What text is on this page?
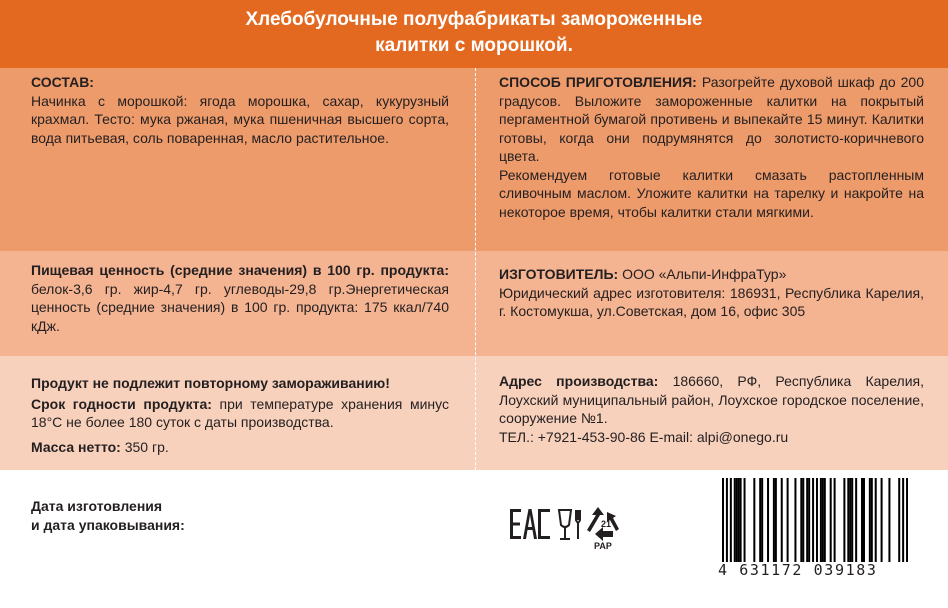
Хлебобулочные полуфабрикаты замороженные
калитки с морошкой.
СОСТАВ:
Начинка с морошкой: ягода морошка, сахар, кукурузный крахмал. Тесто: мука ржаная, мука пшеничная высшего сорта, вода питьевая, соль поваренная, масло растительное.

СПОСОБ ПРИГОТОВЛЕНИЯ: Разогрейте духовой шкаф до 200 градусов. Выложите замороженные калитки на покрытый пергаментной бумагой противень и выпекайте 15 минут. Калитки готовы, когда они подрумянятся до золотисто-коричневого цвета.

Рекомендуем готовые калитки смазать растопленным сливочным маслом. Уложите калитки на тарелку и накройте на некоторое время, чтобы калитки стали мягкими.

Пищевая ценность (средние значения) в 100 гр. продукта: белок-3,6 гр. жир-4,7 гр. углеводы-29,8 гр.Энергетическая ценность (средние значения) в 100 гр. продукта: 175 ккал/740 кДж.
ИЗГОТОВИТЕЛЬ: ООО «Альпи-ИнфраТур»
Юридический адрес изготовителя: 186931, Республика Карелия, г. Костомукша, ул.Советская, дом 16, офис 305
Продукт не подлежит повторному замораживанию!
Срок годности продукта: при температуре хранения минус 18°С не более 180 суток с даты производства.
Масса нетто: 350 гр.
Адрес производства: 186660, РФ, Республика Карелия, Лоухский муниципальный район, Лоухское городское поселение, сооружение №1.
ТЕЛ.: +7921-453-90-86 E-mail: alpi@onego.ru
Дата изготовления
и дата упаковывания:	21
PAP
4 631172 039183
